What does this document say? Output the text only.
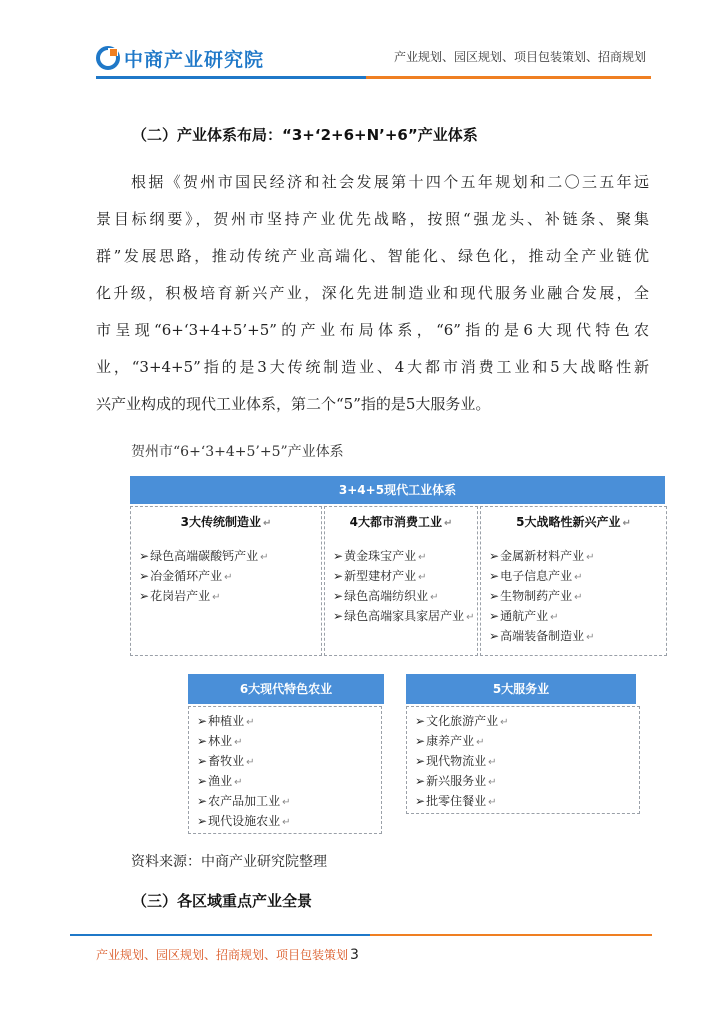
中商产业研究院	产业规划、园区规划、项目包装策划、招商规划
（二）产业体系布局：“3+‘2+6+N’+6”产业体系
根据《贺州市国民经济和社会发展第十四个五年规划和二〇三五年远
景目标纲要》，贺州市坚持产业优先战略，按照“强龙头、补链条、聚集
群”发展思路，推动传统产业高端化、智能化、绿色化，推动全产业链优
化升级，积极培育新兴产业，深化先进制造业和现代服务业融合发展，全
市呈现“6+‘3+4+5’+5”的产业布局体系，“6”指的是6大现代特色农
业，“3+4+5”指的是3大传统制造业、4大都市消费工业和5大战略性新
兴产业构成的现代工业体系，第二个“5”指的是5大服务业。
贺州市“6+‘3+4+5’+5”产业体系
3+4+5现代工业体系
3大传统制造业 ↵
➢绿色高端碳酸钙产业 ↵
➢冶金循环产业 ↵
➢花岗岩产业 ↵
4大都市消费工业 ↵
➢黄金珠宝产业 ↵
➢新型建材产业 ↵
➢绿色高端纺织业 ↵
➢绿色高端家具家居产业 ↵
5大战略性新兴产业 ↵
➢金属新材料产业 ↵
➢电子信息产业 ↵
➢生物制药产业 ↵
➢通航产业 ↵
➢高端装备制造业 ↵
6大现代特色农业
➢种植业 ↵
➢林业 ↵
➢畜牧业 ↵
➢渔业 ↵
➢农产品加工业 ↵
➢现代设施农业 ↵
5大服务业
➢文化旅游产业 ↵
➢康养产业 ↵
➢现代物流业 ↵
➢新兴服务业 ↵
➢批零住餐业 ↵
资料来源：中商产业研究院整理
（三）各区域重点产业全景
产业规划、园区规划、招商规划、项目包装策划 3
